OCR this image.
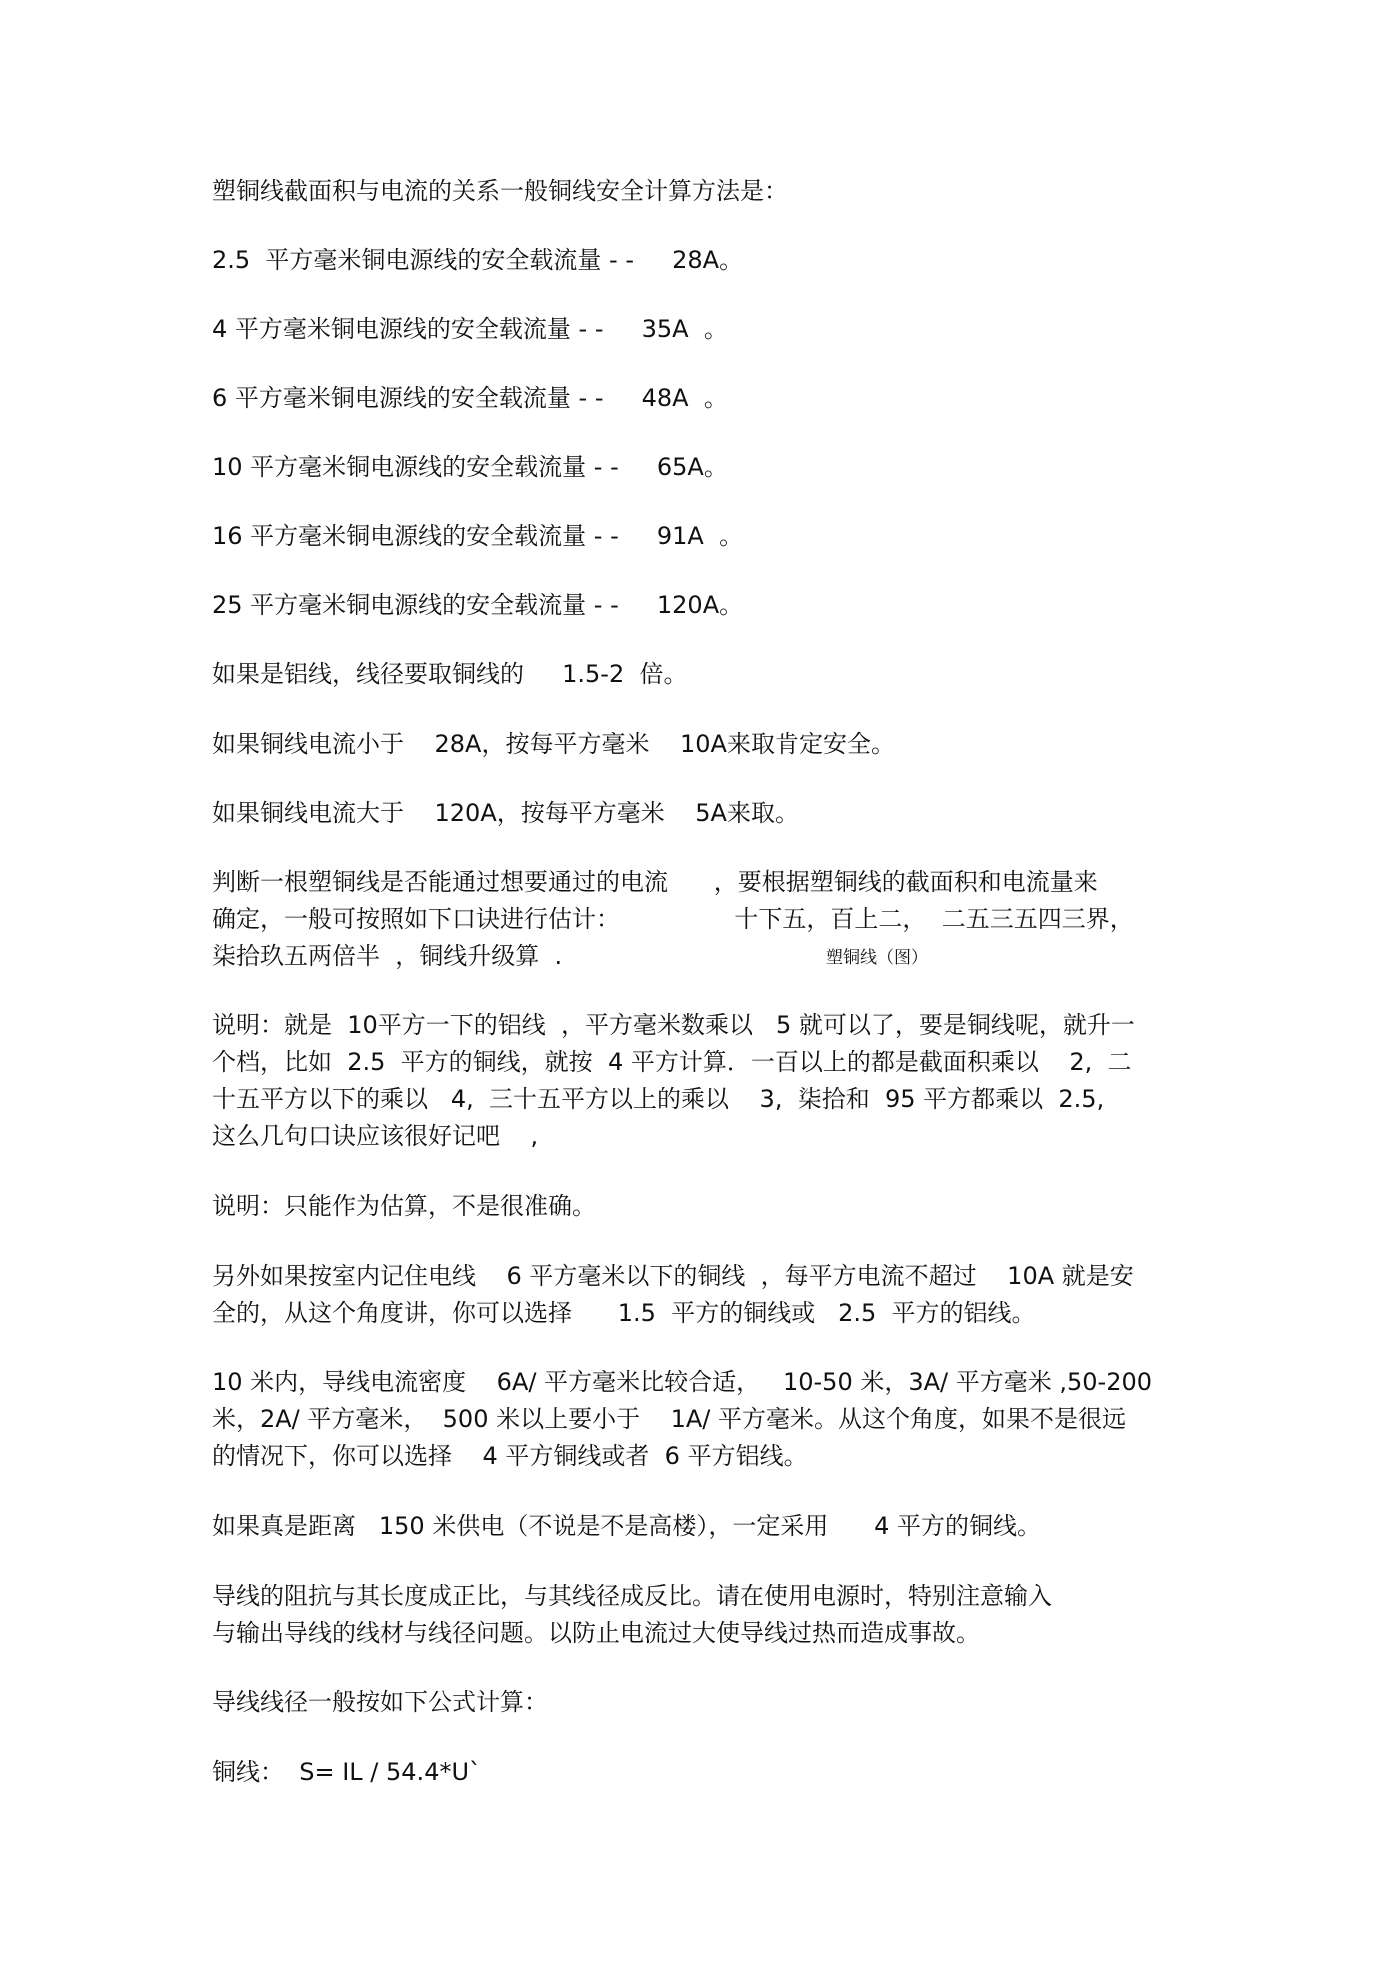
塑铜线截面积与电流的关系一般铜线安全计算方法是：

2.5  平方毫米铜电源线的安全载流量 - -     28A。

4 平方毫米铜电源线的安全载流量 - -     35A  。

6 平方毫米铜电源线的安全载流量 - -     48A  。

10 平方毫米铜电源线的安全载流量 - -     65A。

16 平方毫米铜电源线的安全载流量 - -     91A  。

25 平方毫米铜电源线的安全载流量 - -     120A。

如果是铝线，线径要取铜线的     1.5-2  倍。

如果铜线电流小于    28A，按每平方毫米    10A来取肯定安全。

如果铜线电流大于    120A，按每平方毫米    5A来取。

判断一根塑铜线是否能通过想要通过的电流      ，要根据塑铜线的截面积和电流量来

确定，一般可按照如下口诀进行估计：               十下五，百上二，  二五三五四三界，

柒拾玖五两倍半  ，铜线升级算  .	塑铜线（图）

说明：就是  10平方一下的铝线  ，平方毫米数乘以   5 就可以了，要是铜线呢，就升一

个档，比如  2.5  平方的铜线，就按  4 平方计算．一百以上的都是截面积乘以    2,  二

十五平方以下的乘以   4,  三十五平方以上的乘以    3,  柒拾和  95 平方都乘以  2.5,

这么几句口诀应该很好记吧    ,

说明：只能作为估算，不是很准确。

另外如果按室内记住电线    6 平方毫米以下的铜线  ，每平方电流不超过    10A 就是安

全的，从这个角度讲，你可以选择      1.5  平方的铜线或   2.5  平方的铝线。

10 米内，导线电流密度    6A/ 平方毫米比较合适，   10-50 米，3A/ 平方毫米 ,50-200

米，2A/ 平方毫米，  500 米以上要小于    1A/ 平方毫米。从这个角度，如果不是很远

的情况下，你可以选择    4 平方铜线或者  6 平方铝线。

如果真是距离   150 米供电（不说是不是高楼），一定采用      4 平方的铜线。

导线的阻抗与其长度成正比，与其线径成反比。请在使用电源时，特别注意输入

与输出导线的线材与线径问题。以防止电流过大使导线过热而造成事故。

导线线径一般按如下公式计算：

铜线：  S= IL / 54.4*U`
